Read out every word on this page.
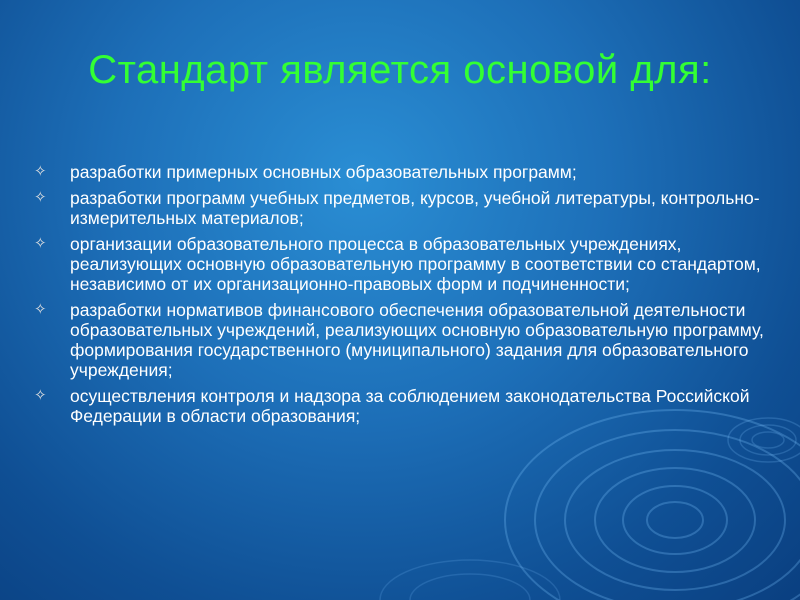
Стандарт является основой для:
✧ разработки примерных основных образовательных программ;
✧ разработки программ учебных предметов, курсов, учебной литературы, контрольно-измерительных материалов;
✧ организации образовательного процесса в образовательных учреждениях, реализующих основную образовательную программу в соответствии со стандартом, независимо от их организационно-правовых форм и подчиненности;
✧ разработки нормативов финансового обеспечения образовательной деятельности образовательных учреждений, реализующих основную образовательную программу, формирования государственного (муниципального) задания для образовательного учреждения;
✧ осуществления контроля и надзора за соблюдением законодательства Российской Федерации в области образования;
